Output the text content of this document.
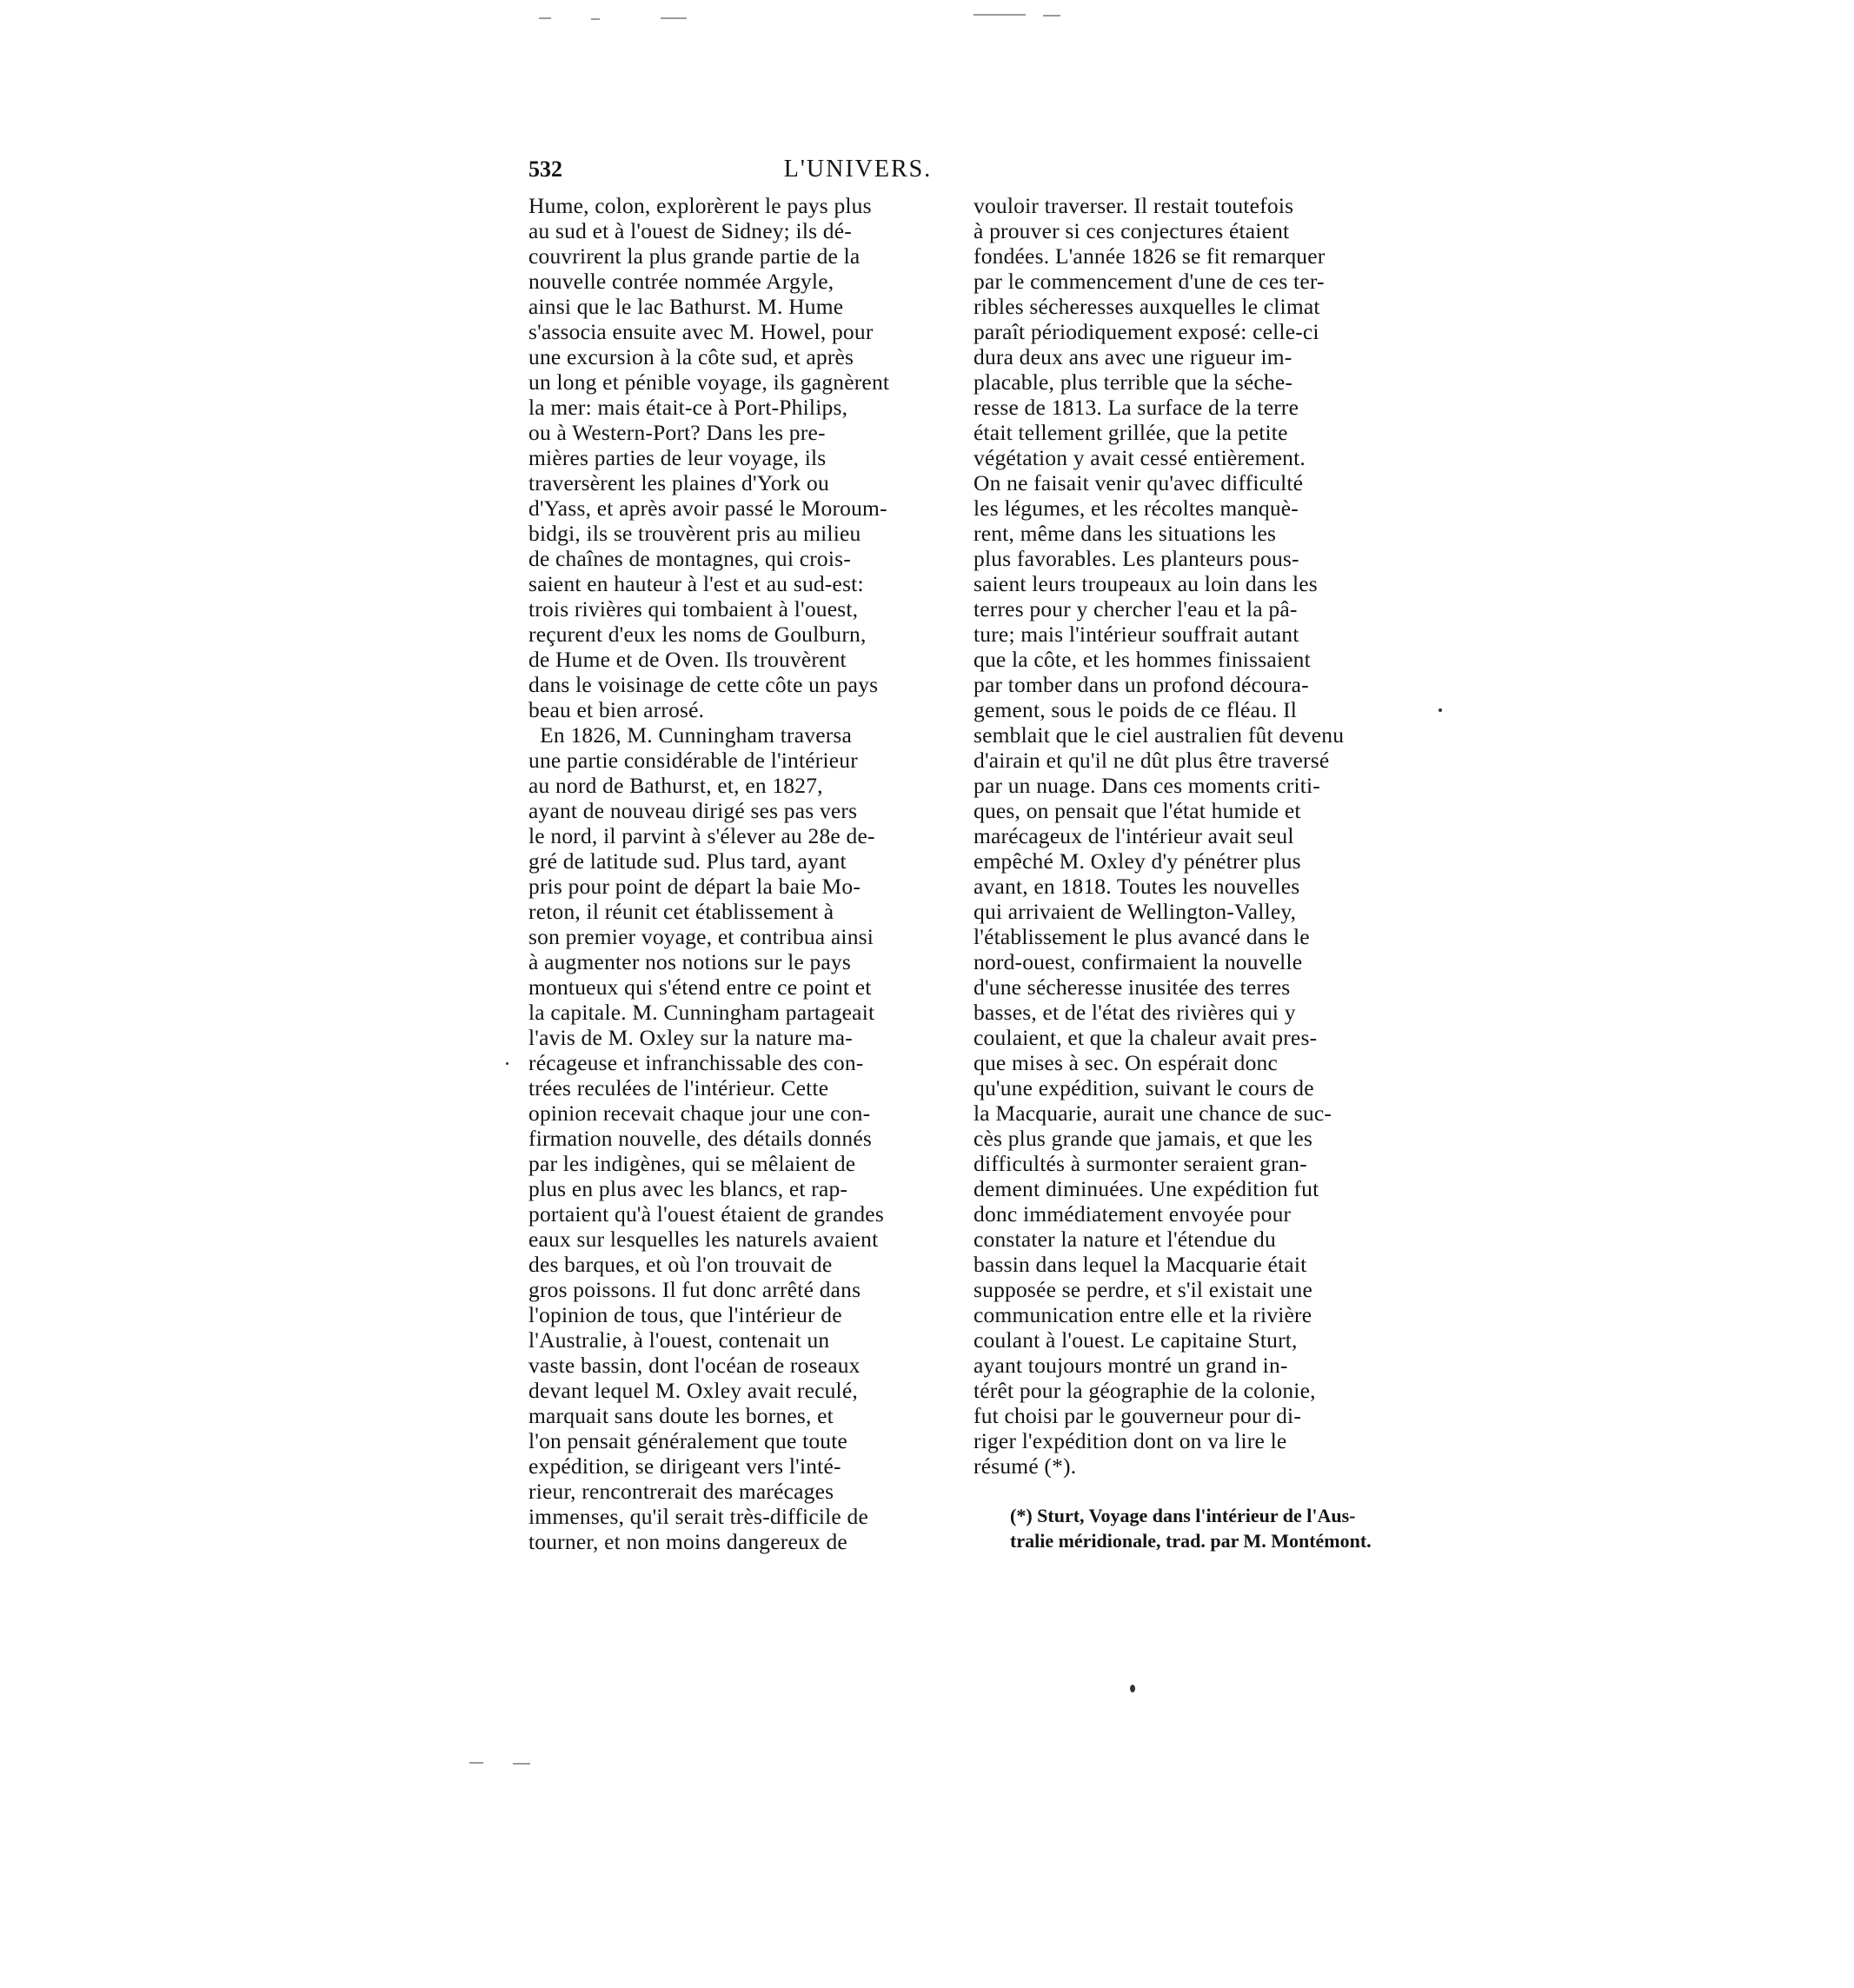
532	L'UNIVERS.
Hume, colon, explorèrent le pays plus
au sud et à l'ouest de Sidney; ils dé-
couvrirent la plus grande partie de la
nouvelle contrée nommée Argyle,
ainsi que le lac Bathurst. M. Hume
s'associa ensuite avec M. Howel, pour
une excursion à la côte sud, et après
un long et pénible voyage, ils gagnèrent
la mer: mais était-ce à Port-Philips,
ou à Western-Port? Dans les pre-
mières parties de leur voyage, ils
traversèrent les plaines d'York ou
d'Yass, et après avoir passé le Moroum-
bidgi, ils se trouvèrent pris au milieu
de chaînes de montagnes, qui crois-
saient en hauteur à l'est et au sud-est:
trois rivières qui tombaient à l'ouest,
reçurent d'eux les noms de Goulburn,
de Hume et de Oven. Ils trouvèrent
dans le voisinage de cette côte un pays
beau et bien arrosé.
En 1826, M. Cunningham traversa
une partie considérable de l'intérieur
au nord de Bathurst, et, en 1827,
ayant de nouveau dirigé ses pas vers
le nord, il parvint à s'élever au 28e de-
gré de latitude sud. Plus tard, ayant
pris pour point de départ la baie Mo-
reton, il réunit cet établissement à
son premier voyage, et contribua ainsi
à augmenter nos notions sur le pays
montueux qui s'étend entre ce point et
la capitale. M. Cunningham partageait
l'avis de M. Oxley sur la nature ma-
récageuse et infranchissable des con-
trées reculées de l'intérieur. Cette
opinion recevait chaque jour une con-
firmation nouvelle, des détails donnés
par les indigènes, qui se mêlaient de
plus en plus avec les blancs, et rap-
portaient qu'à l'ouest étaient de grandes
eaux sur lesquelles les naturels avaient
des barques, et où l'on trouvait de
gros poissons. Il fut donc arrêté dans
l'opinion de tous, que l'intérieur de
l'Australie, à l'ouest, contenait un
vaste bassin, dont l'océan de roseaux
devant lequel M. Oxley avait reculé,
marquait sans doute les bornes, et
l'on pensait généralement que toute
expédition, se dirigeant vers l'inté-
rieur, rencontrerait des marécages
immenses, qu'il serait très-difficile de
tourner, et non moins dangereux de
vouloir traverser. Il restait toutefois
à prouver si ces conjectures étaient
fondées. L'année 1826 se fit remarquer
par le commencement d'une de ces ter-
ribles sécheresses auxquelles le climat
paraît périodiquement exposé: celle-ci
dura deux ans avec une rigueur im-
placable, plus terrible que la séche-
resse de 1813. La surface de la terre
était tellement grillée, que la petite
végétation y avait cessé entièrement.
On ne faisait venir qu'avec difficulté
les légumes, et les récoltes manquè-
rent, même dans les situations les
plus favorables. Les planteurs pous-
saient leurs troupeaux au loin dans les
terres pour y chercher l'eau et la pâ-
ture; mais l'intérieur souffrait autant
que la côte, et les hommes finissaient
par tomber dans un profond découra-
gement, sous le poids de ce fléau. Il
semblait que le ciel australien fût devenu
d'airain et qu'il ne dût plus être traversé
par un nuage. Dans ces moments criti-
ques, on pensait que l'état humide et
marécageux de l'intérieur avait seul
empêché M. Oxley d'y pénétrer plus
avant, en 1818. Toutes les nouvelles
qui arrivaient de Wellington-Valley,
l'établissement le plus avancé dans le
nord-ouest, confirmaient la nouvelle
d'une sécheresse inusitée des terres
basses, et de l'état des rivières qui y
coulaient, et que la chaleur avait pres-
que mises à sec. On espérait donc
qu'une expédition, suivant le cours de
la Macquarie, aurait une chance de suc-
cès plus grande que jamais, et que les
difficultés à surmonter seraient gran-
dement diminuées. Une expédition fut
donc immédiatement envoyée pour
constater la nature et l'étendue du
bassin dans lequel la Macquarie était
supposée se perdre, et s'il existait une
communication entre elle et la rivière
coulant à l'ouest. Le capitaine Sturt,
ayant toujours montré un grand in-
térêt pour la géographie de la colonie,
fut choisi par le gouverneur pour di-
riger l'expédition dont on va lire le
résumé (*).
(*) Sturt, Voyage dans l'intérieur de l'Aus-
tralie méridionale, trad. par M. Montémont.
